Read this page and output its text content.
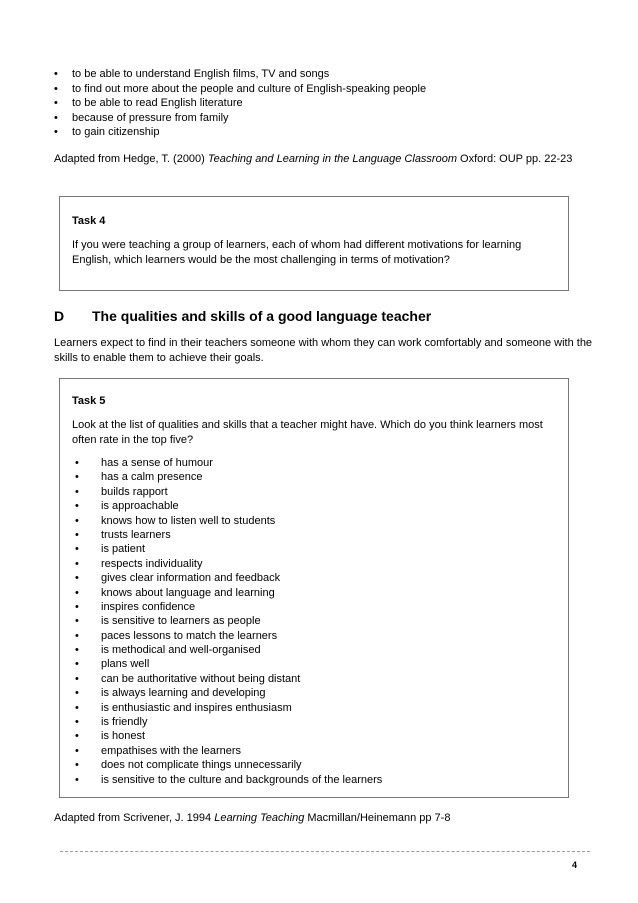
• to be able to understand English films, TV and songs
• to find out more about the people and culture of English-speaking people
• to be able to read English literature
• because of pressure from family
• to gain citizenship

Adapted from Hedge, T. (2000) Teaching and Learning in the Language Classroom Oxford: OUP pp. 22-23

Task 4

If you were teaching a group of learners, each of whom had different motivations for learning English, which learners would be the most challenging in terms of motivation?

D The qualities and skills of a good language teacher

Learners expect to find in their teachers someone with whom they can work comfortably and someone with the skills to enable them to achieve their goals.

Task 5

Look at the list of qualities and skills that a teacher might have. Which do you think learners most often rate in the top five?

• has a sense of humour
• has a calm presence
• builds rapport
• is approachable
• knows how to listen well to students
• trusts learners
• is patient
• respects individuality
• gives clear information and feedback
• knows about language and learning
• inspires confidence
• is sensitive to learners as people
• paces lessons to match the learners
• is methodical and well-organised
• plans well
• can be authoritative without being distant
• is always learning and developing
• is enthusiastic and inspires enthusiasm
• is friendly
• is honest
• empathises with the learners
• does not complicate things unnecessarily
• is sensitive to the culture and backgrounds of the learners

Adapted from Scrivener, J. 1994 Learning Teaching Macmillan/Heinemann pp 7-8

4
